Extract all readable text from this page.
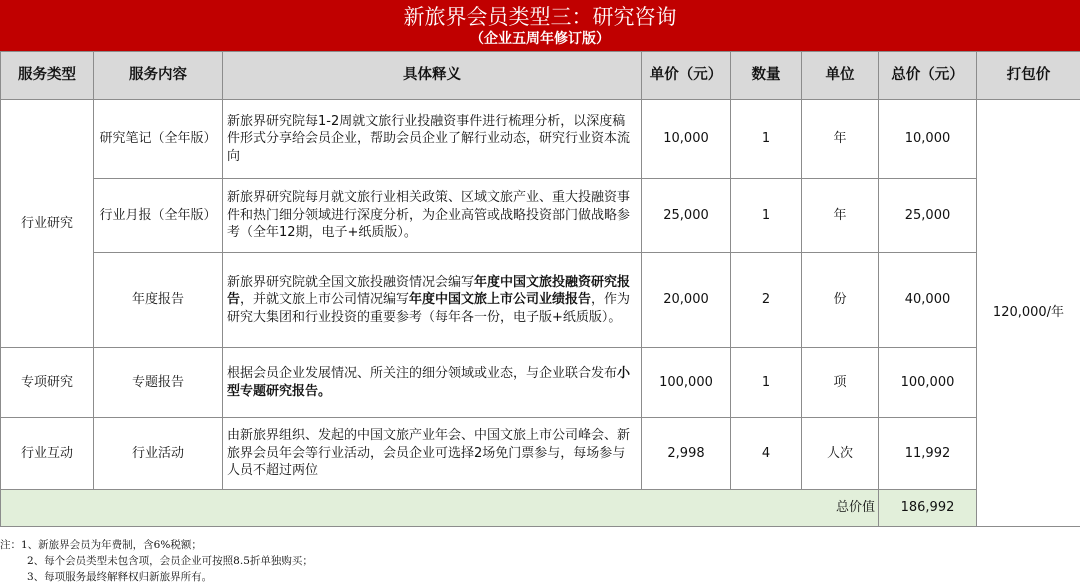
新旅界会员类型三：研究咨询
（企业五周年修订版）
服务类型	服务内容	具体释义	单价（元）	数量	单位	总价（元）	打包价
行业研究	研究笔记（全年版）	新旅界研究院每1-2周就文旅行业投融资事件进行梳理分析，以深度稿件形式分享给会员企业，帮助会员企业了解行业动态，研究行业资本流向	10,000	1	年	10,000	120,000/年
	行业月报（全年版）	新旅界研究院每月就文旅行业相关政策、区域文旅产业、重大投融资事件和热门细分领域进行深度分析，为企业高管或战略投资部门做战略参考（全年12期，电子+纸质版）。	25,000	1	年	25,000	
	年度报告	新旅界研究院就全国文旅投融资情况会编写年度中国文旅投融资研究报告，并就文旅上市公司情况编写年度中国文旅上市公司业绩报告，作为研究大集团和行业投资的重要参考（每年各一份，电子版+纸质版）。	20,000	2	份	40,000	
专项研究	专题报告	根据会员企业发展情况、所关注的细分领域或业态，与企业联合发布小型专题研究报告。	100,000	1	项	100,000	
行业互动	行业活动	由新旅界组织、发起的中国文旅产业年会、中国文旅上市公司峰会、新旅界会员年会等行业活动，会员企业可选择2场免门票参与，每场参与人员不超过两位	2,998	4	人次	11,992	
总价值						186,992	
注：1、新旅界会员为年费制，含6%税额；
2、每个会员类型未包含项，会员企业可按照8.5折单独购买；
3、每项服务最终解释权归新旅界所有。
